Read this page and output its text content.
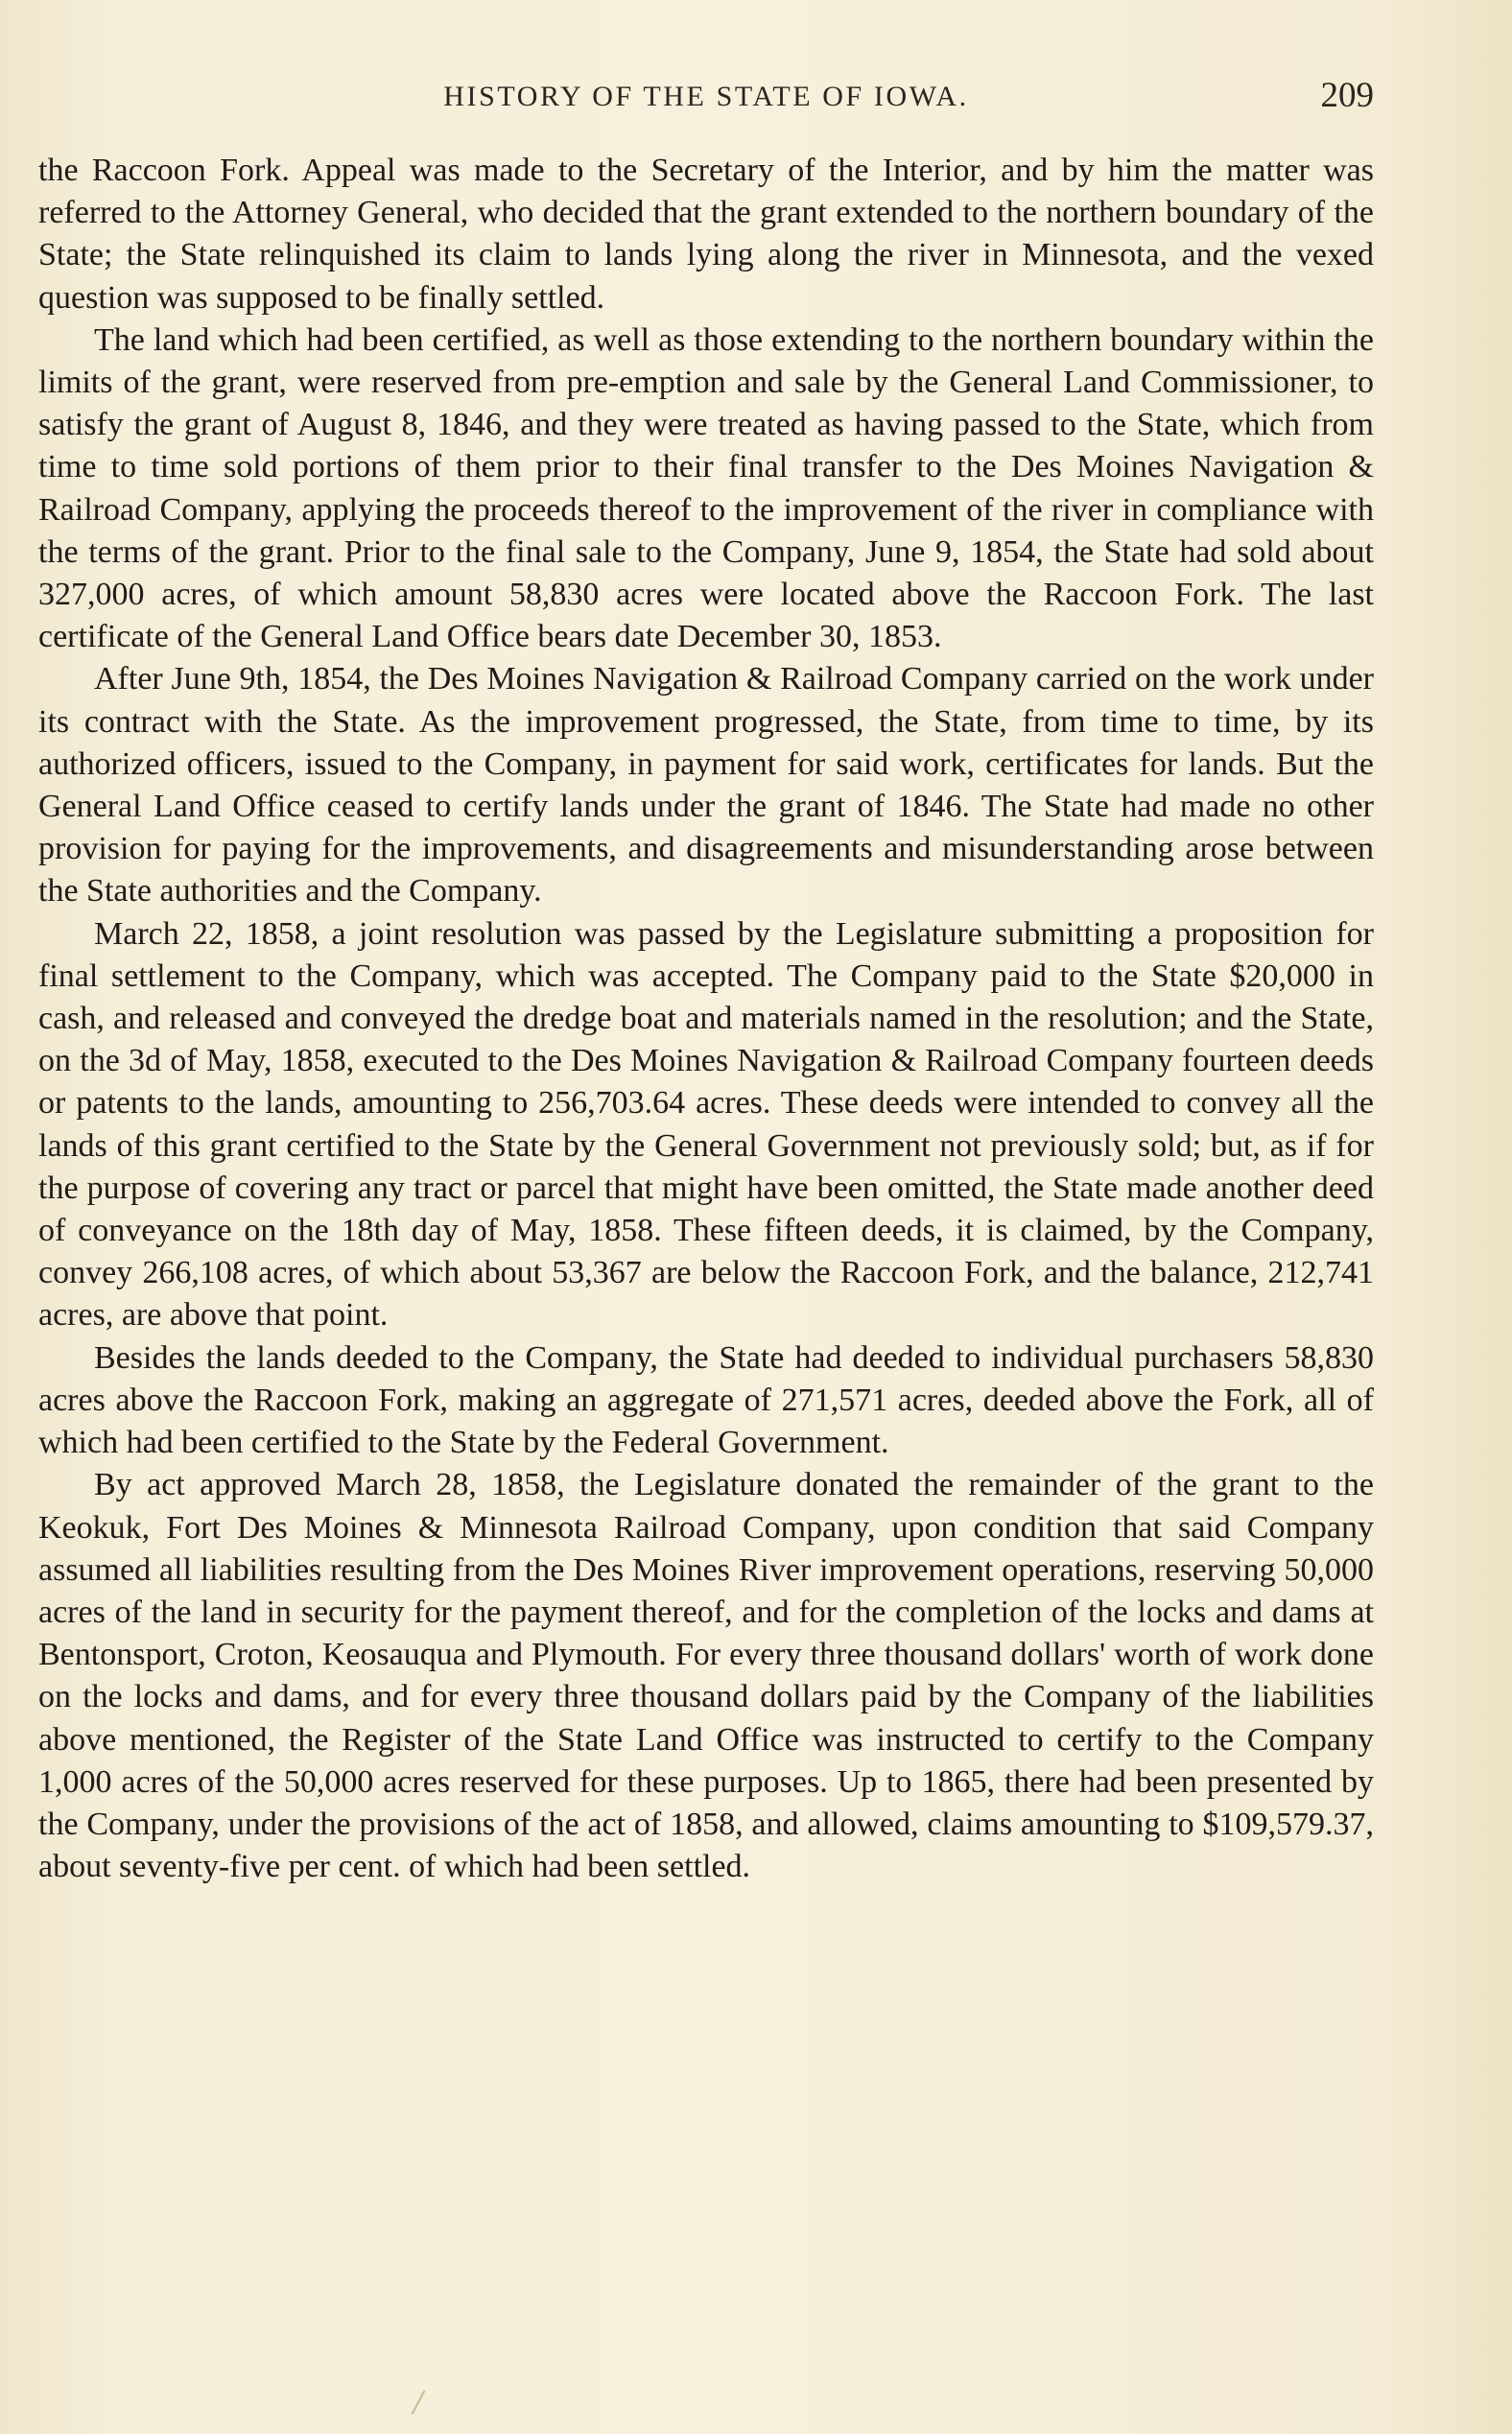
HISTORY OF THE STATE OF IOWA.	209

the Raccoon Fork. Appeal was made to the Secretary of the Interior, and by him the matter was referred to the Attorney General, who decided that the grant extended to the northern boundary of the State; the State relinquished its claim to lands lying along the river in Minnesota, and the vexed question was supposed to be finally settled.

The land which had been certified, as well as those extending to the northern boundary within the limits of the grant, were reserved from pre-emption and sale by the General Land Commissioner, to satisfy the grant of August 8, 1846, and they were treated as having passed to the State, which from time to time sold portions of them prior to their final transfer to the Des Moines Navigation & Railroad Company, applying the proceeds thereof to the improvement of the river in compliance with the terms of the grant. Prior to the final sale to the Company, June 9, 1854, the State had sold about 327,000 acres, of which amount 58,830 acres were located above the Raccoon Fork. The last certificate of the General Land Office bears date December 30, 1853.

After June 9th, 1854, the Des Moines Navigation & Railroad Company carried on the work under its contract with the State. As the improvement progressed, the State, from time to time, by its authorized officers, issued to the Company, in payment for said work, certificates for lands. But the General Land Office ceased to certify lands under the grant of 1846. The State had made no other provision for paying for the improvements, and disagreements and misunderstanding arose between the State authorities and the Company.

March 22, 1858, a joint resolution was passed by the Legislature submitting a proposition for final settlement to the Company, which was accepted. The Company paid to the State $20,000 in cash, and released and conveyed the dredge boat and materials named in the resolution; and the State, on the 3d of May, 1858, executed to the Des Moines Navigation & Railroad Company fourteen deeds or patents to the lands, amounting to 256,703.64 acres. These deeds were intended to convey all the lands of this grant certified to the State by the General Government not previously sold; but, as if for the purpose of covering any tract or parcel that might have been omitted, the State made another deed of conveyance on the 18th day of May, 1858. These fifteen deeds, it is claimed, by the Company, convey 266,108 acres, of which about 53,367 are below the Raccoon Fork, and the balance, 212,741 acres, are above that point.

Besides the lands deeded to the Company, the State had deeded to individual purchasers 58,830 acres above the Raccoon Fork, making an aggregate of 271,571 acres, deeded above the Fork, all of which had been certified to the State by the Federal Government.

By act approved March 28, 1858, the Legislature donated the remainder of the grant to the Keokuk, Fort Des Moines & Minnesota Railroad Company, upon condition that said Company assumed all liabilities resulting from the Des Moines River improvement operations, reserving 50,000 acres of the land in security for the payment thereof, and for the completion of the locks and dams at Bentonsport, Croton, Keosauqua and Plymouth. For every three thousand dollars' worth of work done on the locks and dams, and for every three thousand dollars paid by the Company of the liabilities above mentioned, the Register of the State Land Office was instructed to certify to the Company 1,000 acres of the 50,000 acres reserved for these purposes. Up to 1865, there had been presented by the Company, under the provisions of the act of 1858, and allowed, claims amounting to $109,579.37, about seventy-five per cent. of which had been settled.
